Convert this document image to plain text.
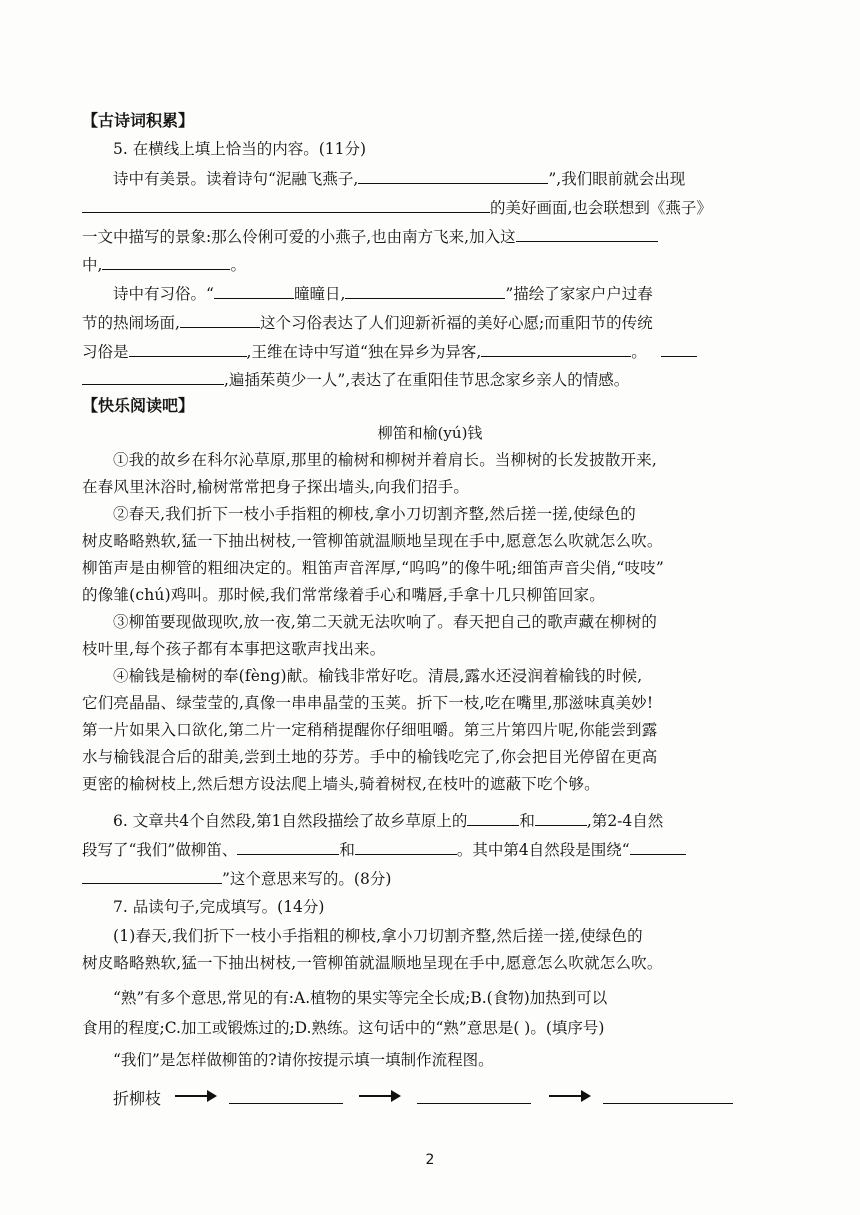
【古诗词积累】
5. 在横线上填上恰当的内容。(11分)
诗中有美景。读着诗句“泥融飞燕子,	”,我们眼前就会出现
的美好画面,也会联想到《燕子》
一文中描写的景象:那么伶俐可爱的小燕子,也由南方飞来,加入这
中,	。
诗中有习俗。“	曈曈日,	”描绘了家家户户过春
节的热闹场面,	这个习俗表达了人们迎新祈福的美好心愿;而重阳节的传统
习俗是	,王维在诗中写道“独在异乡为异客,	。
,遍插茱萸少一人”,表达了在重阳佳节思念家乡亲人的情感。
【快乐阅读吧】
柳笛和榆(yú)钱
①我的故乡在科尔沁草原,那里的榆树和柳树并着肩长。当柳树的长发披散开来,
在春风里沐浴时,榆树常常把身子探出墙头,向我们招手。
②春天,我们折下一枝小手指粗的柳枝,拿小刀切割齐整,然后搓一搓,使绿色的
树皮略略熟软,猛一下抽出树枝,一管柳笛就温顺地呈现在手中,愿意怎么吹就怎么吹。
柳笛声是由柳管的粗细决定的。粗笛声音浑厚,“呜呜”的像牛吼;细笛声音尖俏,“吱吱”
的像雏(chú)鸡叫。那时候,我们常常缘着手心和嘴唇,手拿十几只柳笛回家。
③柳笛要现做现吹,放一夜,第二天就无法吹响了。春天把自己的歌声藏在柳树的
枝叶里,每个孩子都有本事把这歌声找出来。
④榆钱是榆树的奉(fèng)献。榆钱非常好吃。清晨,露水还浸润着榆钱的时候,
它们亮晶晶、绿莹莹的,真像一串串晶莹的玉荚。折下一枝,吃在嘴里,那滋味真美妙!
第一片如果入口欲化,第二片一定稍稍提醒你仔细咀嚼。第三片第四片呢,你能尝到露
水与榆钱混合后的甜美,尝到土地的芬芳。手中的榆钱吃完了,你会把目光停留在更高
更密的榆树枝上,然后想方设法爬上墙头,骑着树杈,在枝叶的遮蔽下吃个够。
6. 文章共4个自然段,第1自然段描绘了故乡草原上的	和	,第2-4自然
段写了“我们”做柳笛、	和	。其中第4自然段是围绕“
”这个意思来写的。(8分)
7. 品读句子,完成填写。(14分)
(1)春天,我们折下一枝小手指粗的柳枝,拿小刀切割齐整,然后搓一搓,使绿色的
树皮略略熟软,猛一下抽出树枝,一管柳笛就温顺地呈现在手中,愿意怎么吹就怎么吹。
“熟”有多个意思,常见的有:A.植物的果实等完全长成;B.(食物)加热到可以
食用的程度;C.加工或锻炼过的;D.熟练。这句话中的“熟”意思是( )。(填序号)
“我们”是怎样做柳笛的?请你按提示填一填制作流程图。
折柳枝
2
